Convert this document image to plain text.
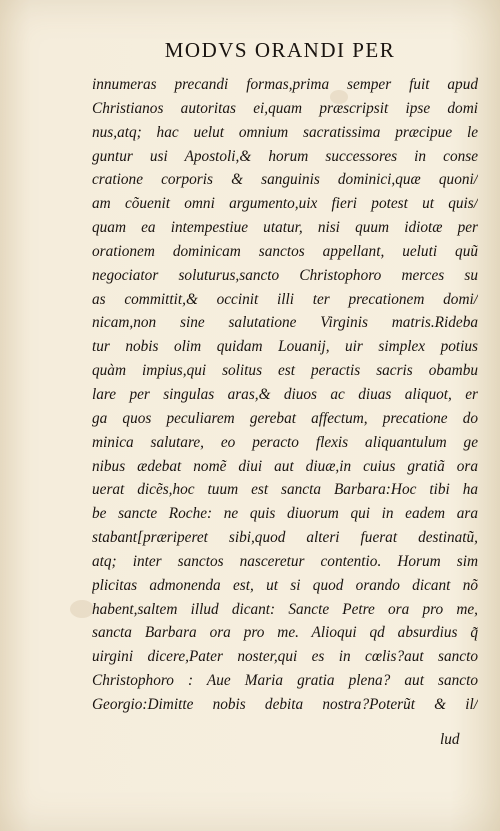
MODVS ORANDI PER
innumeras precandi formas,prima semper fuit apud
Christianos autoritas ei,quam præscripsit ipse domi
nus,atq; hac uelut omnium sacratissima præcipue le
guntur usi Apostoli,& horum successores in conse
cratione corporis & sanguinis dominici,quæ quoni/
am cõuenit omni argumento,uix fieri potest ut quis/
quam ea intempestiue utatur, nisi quum idiotæ per
orationem dominicam sanctos appellant, ueluti quũ
negociator soluturus,sancto Christophoro merces su
as committit,& occinit illi ter precationem domi/
nicam,non sine salutatione Virginis matris.Rideba
tur nobis olim quidam Louanij, uir simplex potius
quàm impius,qui solitus est peractis sacris obambu
lare per singulas aras,& diuos ac diuas aliquot, er
ga quos peculiarem gerebat affectum, precatione do
minica salutare, eo peracto flexis aliquantulum ge
nibus ædebat nomẽ diui aut diuæ,in cuius gratiã ora
uerat dicẽs,hoc tuum est sancta Barbara:Hoc tibi ha
be sancte Roche: ne quis diuorum qui in eadem ara
stabant[præriperet sibi,quod alteri fuerat destinatũ,
atq; inter sanctos nasceretur contentio. Horum sim
plicitas admonenda est, ut si quod orando dicant nõ
habent,saltem illud dicant: Sancte Petre ora pro me,
sancta Barbara ora pro me. Alioqui qd absurdius q̃
uirgini dicere,Pater noster,qui es in cœlis?aut sancto
Christophoro : Aue Maria gratia plena? aut sancto
Georgio:Dimitte nobis debita nostra?Poterũt & il/
lud
